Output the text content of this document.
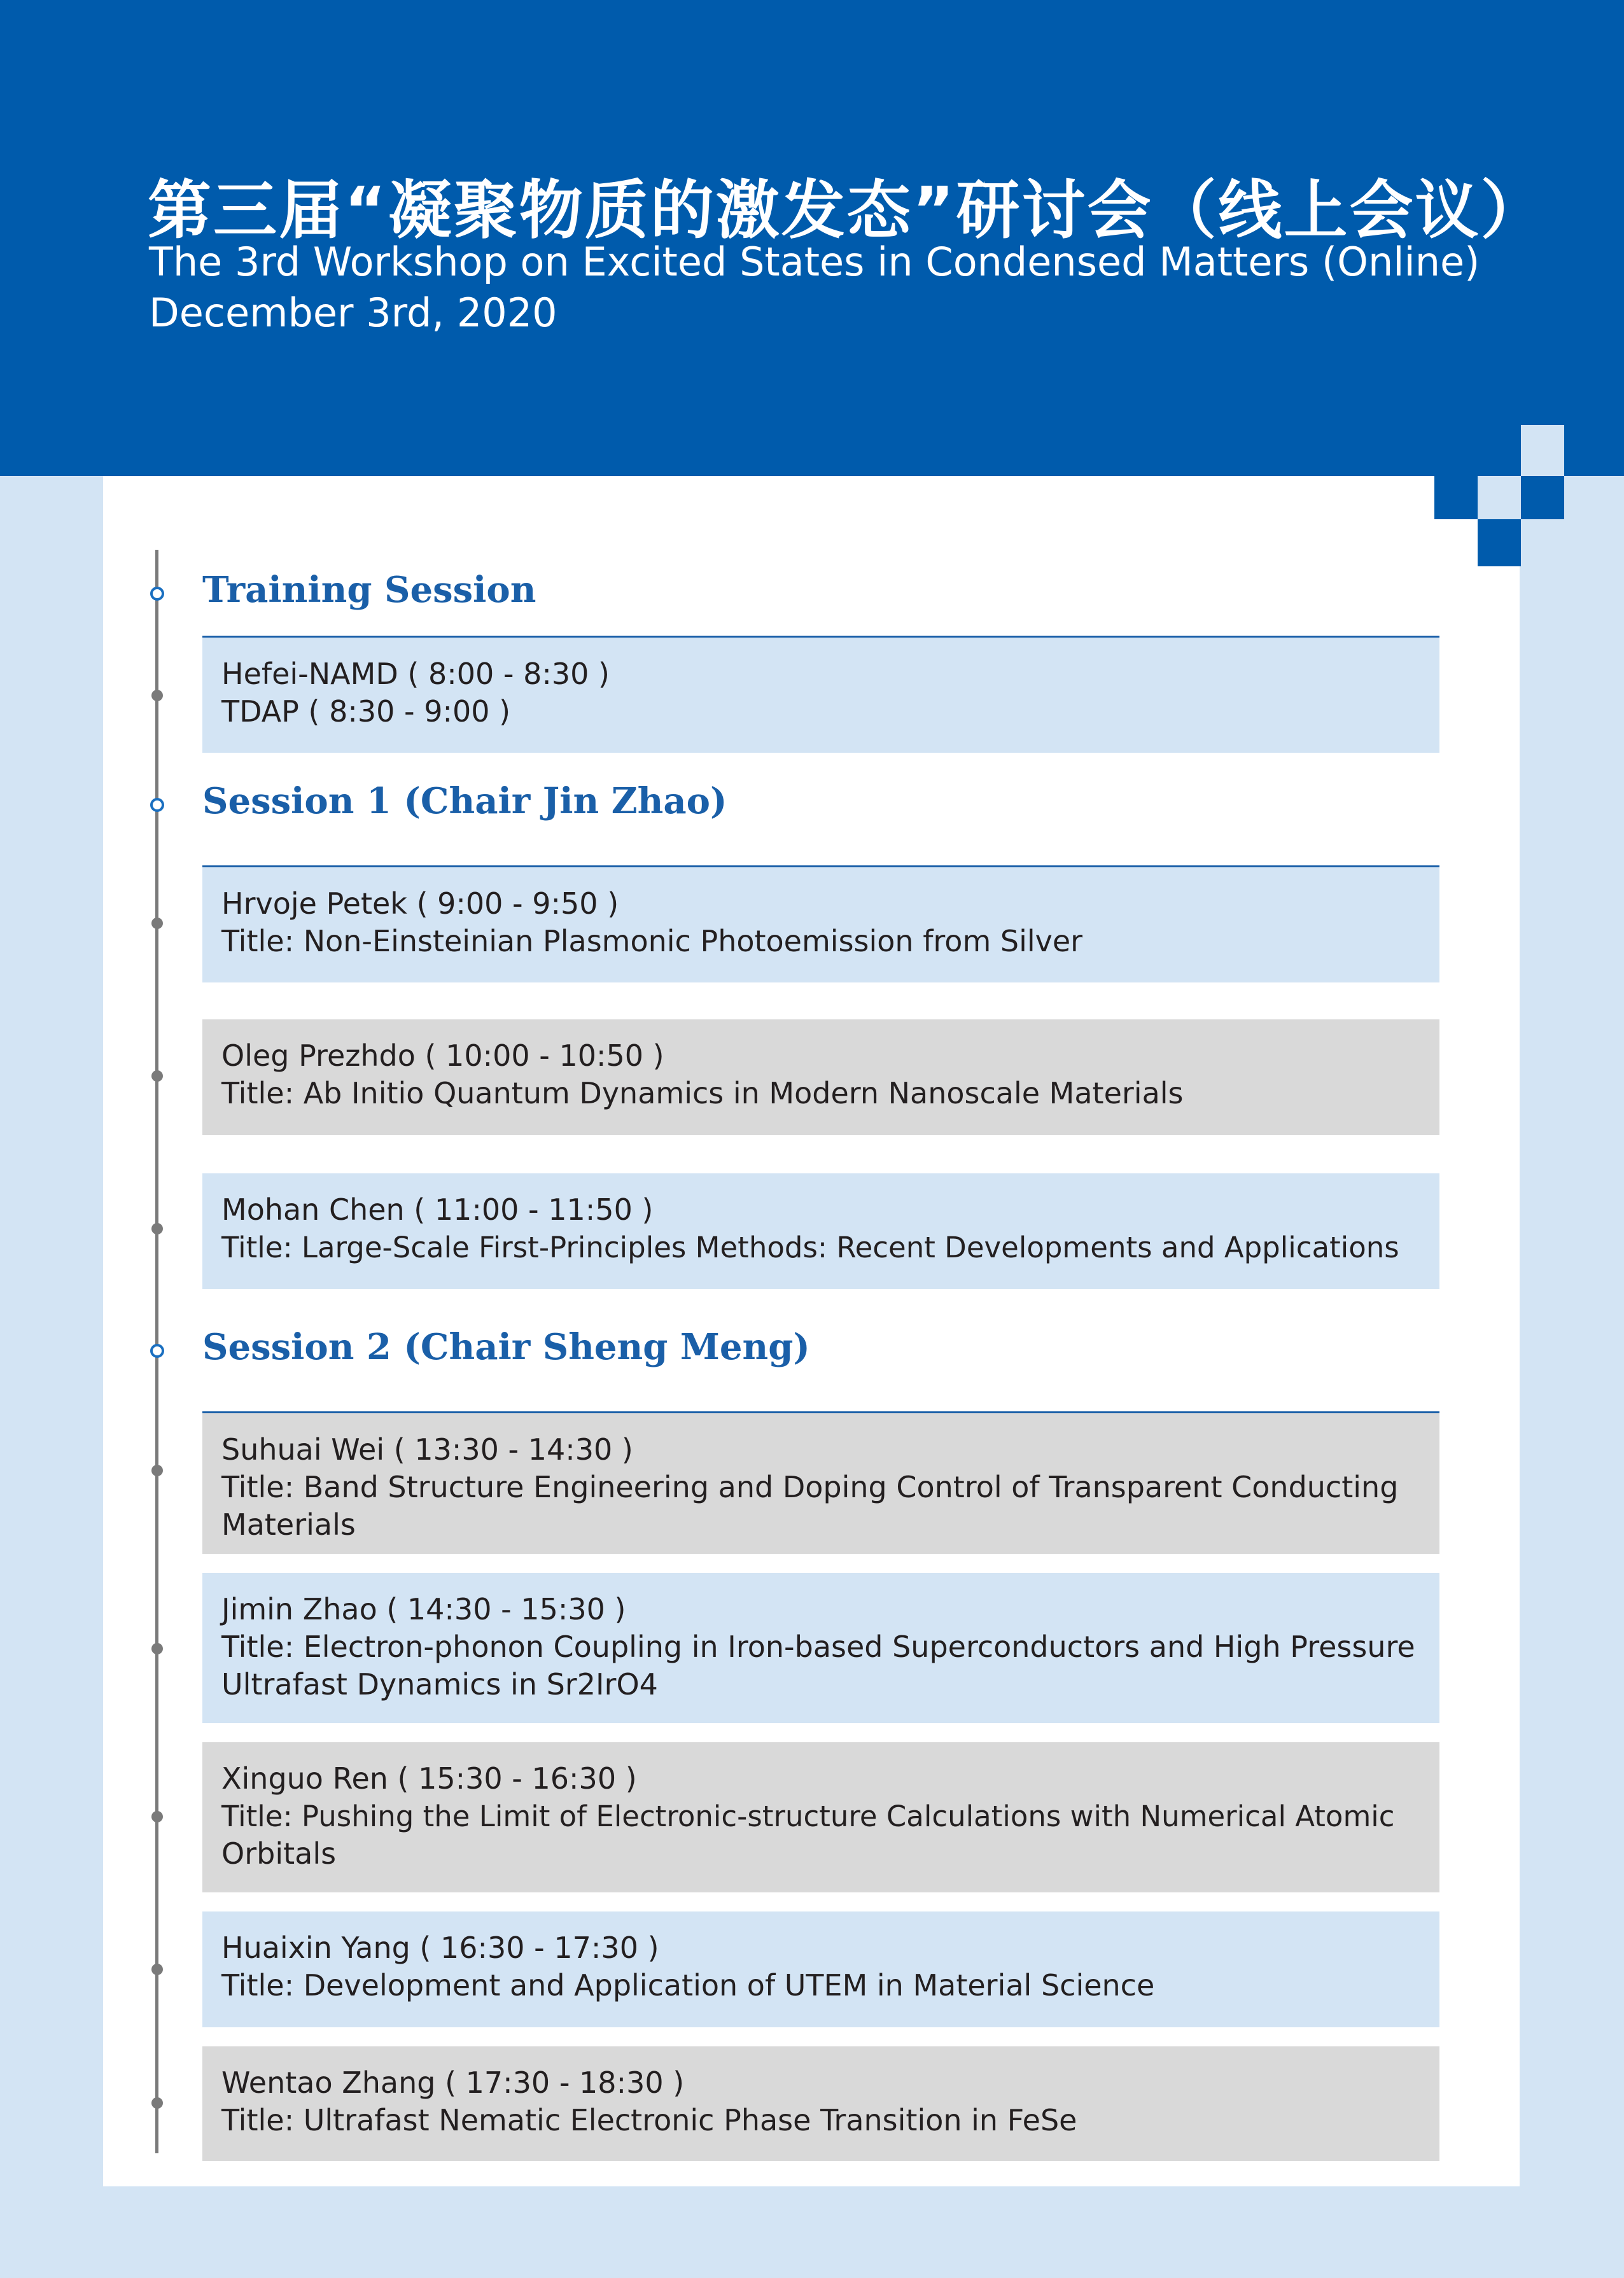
第三届“凝聚物质的激发态”研讨会（线上会议）
The 3rd Workshop on Excited States in Condensed Matters (Online)
December 3rd, 2020
Training Session
Hefei-NAMD ( 8:00 - 8:30 )
TDAP ( 8:30 - 9:00 )
Session 1 (Chair Jin Zhao)
Hrvoje Petek ( 9:00 - 9:50 )
Title: Non-Einsteinian Plasmonic Photoemission from Silver
Oleg Prezhdo ( 10:00 - 10:50 )
Title: Ab Initio Quantum Dynamics in Modern Nanoscale Materials
Mohan Chen ( 11:00 - 11:50 )
Title: Large-Scale First-Principles Methods: Recent Developments and Applications
Session 2 (Chair Sheng Meng)
Suhuai Wei ( 13:30 - 14:30 )
Title: Band Structure Engineering and Doping Control of Transparent Conducting
Materials
Jimin Zhao ( 14:30 - 15:30 )
Title: Electron-phonon Coupling in Iron-based Superconductors and High Pressure
Ultrafast Dynamics in Sr2IrO4
Xinguo Ren ( 15:30 - 16:30 )
Title: Pushing the Limit of Electronic-structure Calculations with Numerical Atomic
Orbitals
Huaixin Yang ( 16:30 - 17:30 )
Title: Development and Application of UTEM in Material Science
Wentao Zhang ( 17:30 - 18:30 )
Title: Ultrafast Nematic Electronic Phase Transition in FeSe
